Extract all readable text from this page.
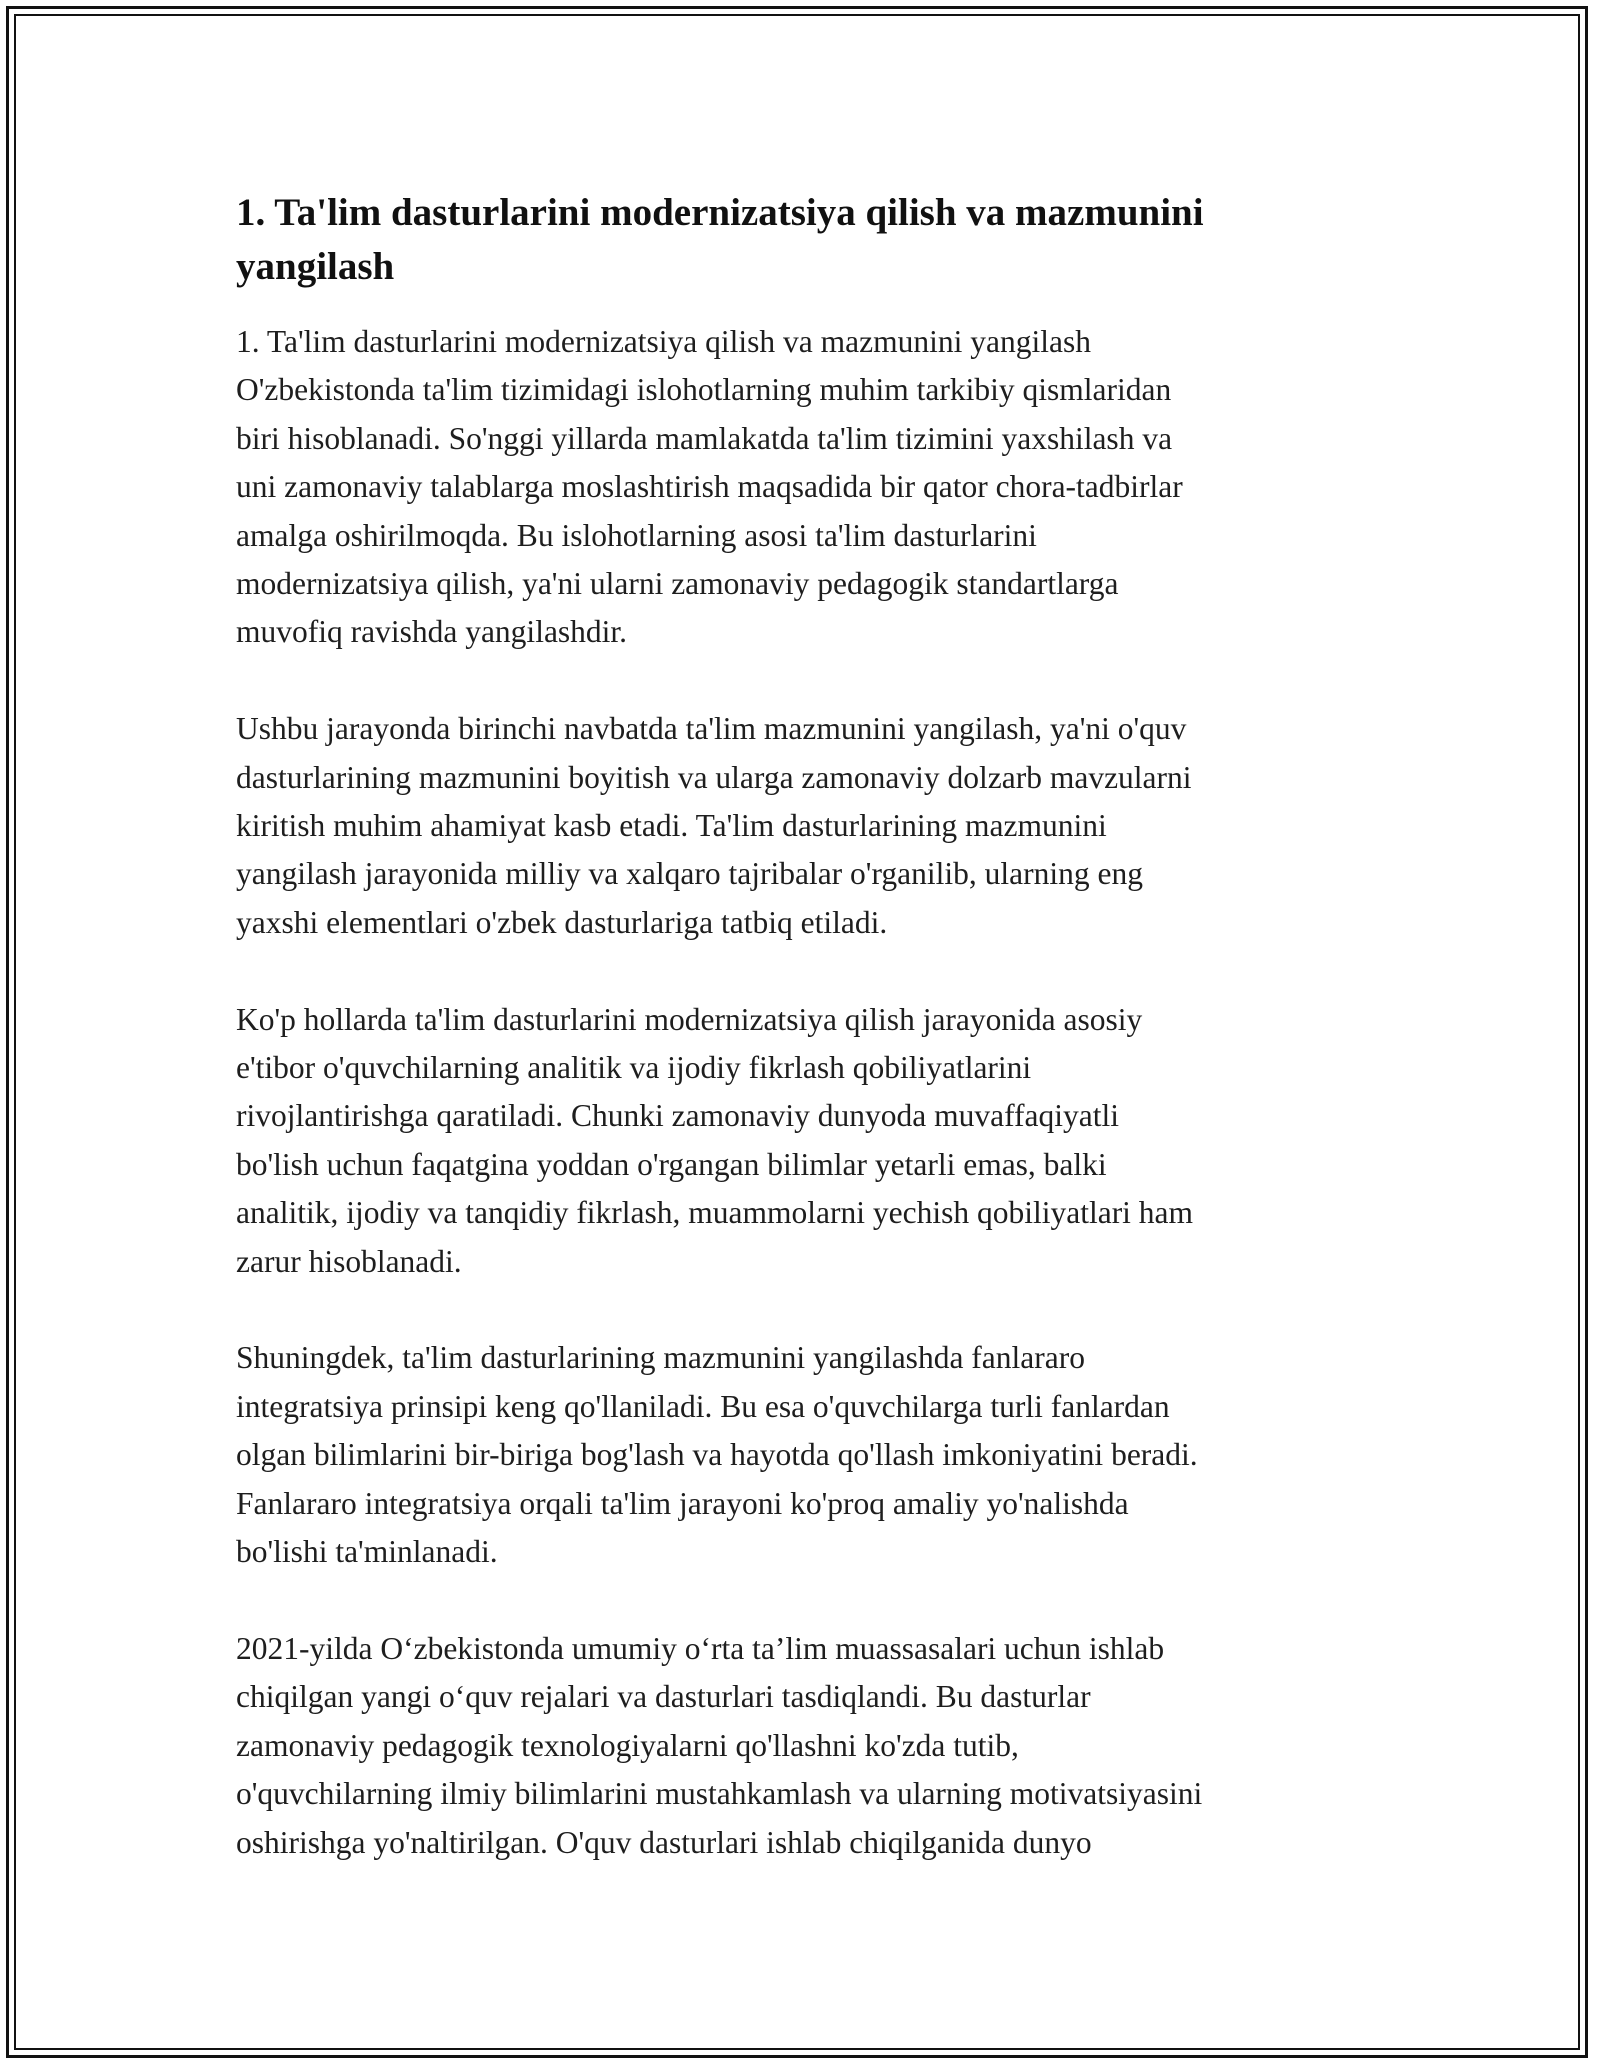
1. Ta'lim dasturlarini modernizatsiya qilish va mazmunini
yangilash
1. Ta'lim dasturlarini modernizatsiya qilish va mazmunini yangilash
O'zbekistonda ta'lim tizimidagi islohotlarning muhim tarkibiy qismlaridan
biri hisoblanadi. So'nggi yillarda mamlakatda ta'lim tizimini yaxshilash va
uni zamonaviy talablarga moslashtirish maqsadida bir qator chora-tadbirlar
amalga oshirilmoqda. Bu islohotlarning asosi ta'lim dasturlarini
modernizatsiya qilish, ya'ni ularni zamonaviy pedagogik standartlarga
muvofiq ravishda yangilashdir.
Ushbu jarayonda birinchi navbatda ta'lim mazmunini yangilash, ya'ni o'quv
dasturlarining mazmunini boyitish va ularga zamonaviy dolzarb mavzularni
kiritish muhim ahamiyat kasb etadi. Ta'lim dasturlarining mazmunini
yangilash jarayonida milliy va xalqaro tajribalar o'rganilib, ularning eng
yaxshi elementlari o'zbek dasturlariga tatbiq etiladi.
Ko'p hollarda ta'lim dasturlarini modernizatsiya qilish jarayonida asosiy
e'tibor o'quvchilarning analitik va ijodiy fikrlash qobiliyatlarini
rivojlantirishga qaratiladi. Chunki zamonaviy dunyoda muvaffaqiyatli
bo'lish uchun faqatgina yoddan o'rgangan bilimlar yetarli emas, balki
analitik, ijodiy va tanqidiy fikrlash, muammolarni yechish qobiliyatlari ham
zarur hisoblanadi.
Shuningdek, ta'lim dasturlarining mazmunini yangilashda fanlararo
integratsiya prinsipi keng qo'llaniladi. Bu esa o'quvchilarga turli fanlardan
olgan bilimlarini bir-biriga bog'lash va hayotda qo'llash imkoniyatini beradi.
Fanlararo integratsiya orqali ta'lim jarayoni ko'proq amaliy yo'nalishda
bo'lishi ta'minlanadi.
2021-yilda O‘zbekistonda umumiy o‘rta ta’lim muassasalari uchun ishlab
chiqilgan yangi o‘quv rejalari va dasturlari tasdiqlandi. Bu dasturlar
zamonaviy pedagogik texnologiyalarni qo'llashni ko'zda tutib,
o'quvchilarning ilmiy bilimlarini mustahkamlash va ularning motivatsiyasini
oshirishga yo'naltirilgan. O'quv dasturlari ishlab chiqilganida dunyo
